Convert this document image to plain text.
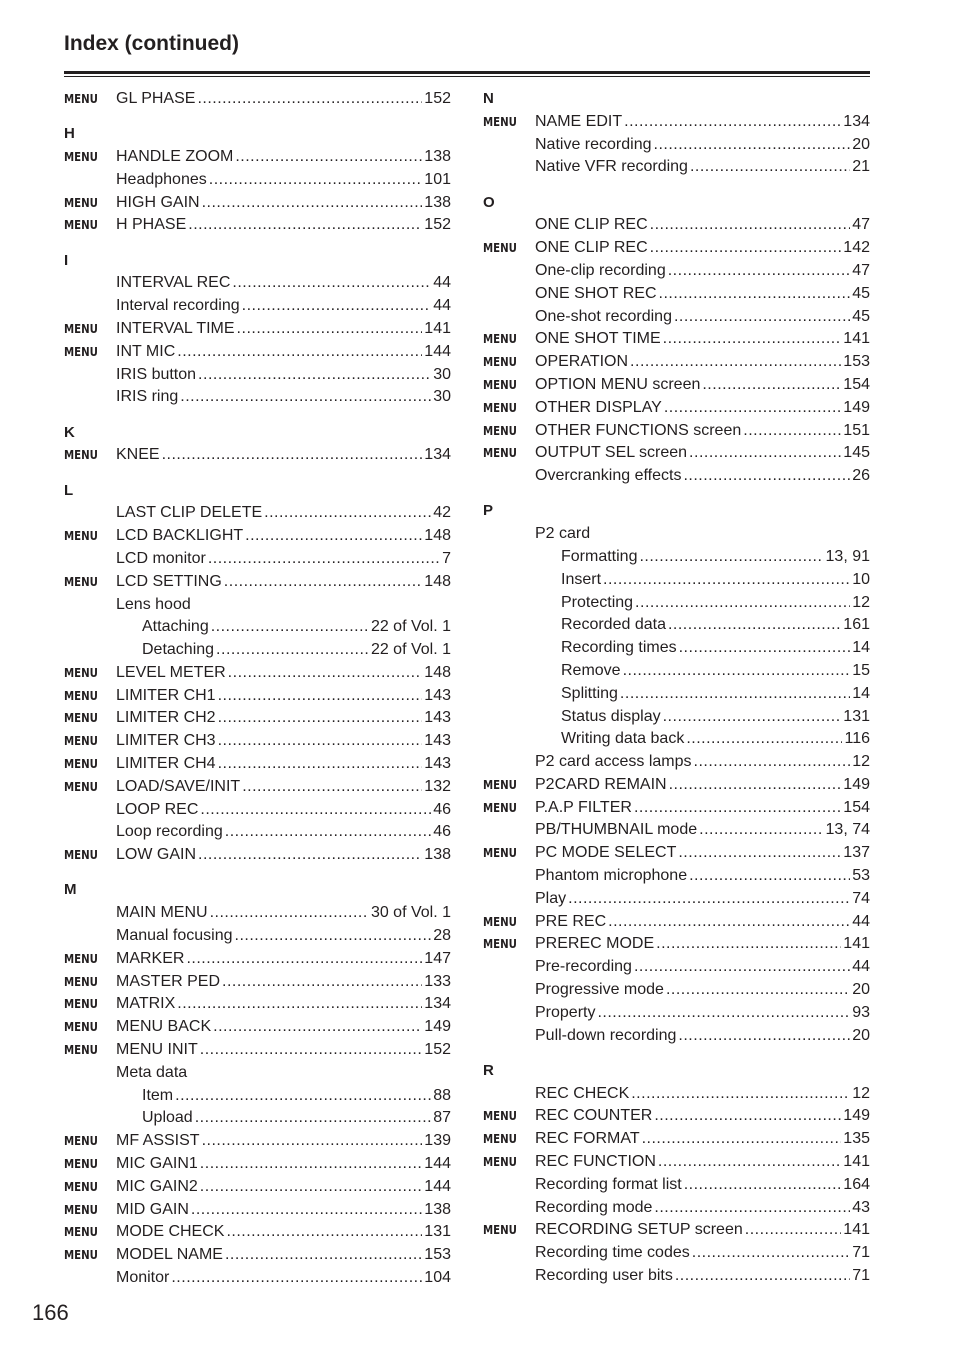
Index (continued)
MENU	GL PHASE .....	152
H
MENU	HANDLE ZOOM .....	138
Headphones .....	101
MENU	HIGH GAIN .....	138
MENU	H PHASE .....	152
I
INTERVAL REC .....	44
Interval recording .....	44
MENU	INTERVAL TIME .....	141
MENU	INT MIC .....	144
IRIS button .....	30
IRIS ring .....	30
K
MENU	KNEE .....	134
L
LAST CLIP DELETE .....	42
MENU	LCD BACKLIGHT .....	148
LCD monitor .....	7
MENU	LCD SETTING .....	148
Lens hood
Attaching .....	22 of Vol. 1
Detaching .....	22 of Vol. 1
MENU	LEVEL METER .....	148
MENU	LIMITER CH1 .....	143
MENU	LIMITER CH2 .....	143
MENU	LIMITER CH3 .....	143
MENU	LIMITER CH4 .....	143
MENU	LOAD/SAVE/INIT .....	132
LOOP REC .....	46
Loop recording .....	46
MENU	LOW GAIN .....	138
M
MAIN MENU .....	30 of Vol. 1
Manual focusing .....	28
MENU	MARKER .....	147
MENU	MASTER PED .....	133
MENU	MATRIX .....	134
MENU	MENU BACK .....	149
MENU	MENU INIT .....	152
Meta data
Item .....	88
Upload .....	87
MENU	MF ASSIST .....	139
MENU	MIC GAIN1 .....	144
MENU	MIC GAIN2 .....	144
MENU	MID GAIN .....	138
MENU	MODE CHECK .....	131
MENU	MODEL NAME .....	153
Monitor .....	104
N
MENU	NAME EDIT .....	134
Native recording .....	20
Native VFR recording .....	21
O
ONE CLIP REC .....	47
MENU	ONE CLIP REC .....	142
One-clip recording .....	47
ONE SHOT REC .....	45
One-shot recording .....	45
MENU	ONE SHOT TIME .....	141
MENU	OPERATION .....	153
MENU	OPTION MENU screen .....	154
MENU	OTHER DISPLAY .....	149
MENU	OTHER FUNCTIONS screen .....	151
MENU	OUTPUT SEL screen .....	145
Overcranking effects .....	26
P
P2 card
Formatting .....	13, 91
Insert .....	10
Protecting .....	12
Recorded data .....	161
Recording times .....	14
Remove .....	15
Splitting .....	14
Status display .....	131
Writing data back .....	116
P2 card access lamps .....	12
MENU	P2CARD REMAIN .....	149
MENU	P.A.P FILTER .....	154
PB/THUMBNAIL mode .....	13, 74
MENU	PC MODE SELECT .....	137
Phantom microphone .....	53
Play .....	74
MENU	PRE REC .....	44
MENU	PREREC MODE .....	141
Pre-recording .....	44
Progressive mode .....	20
Property .....	93
Pull-down recording .....	20
R
REC CHECK .....	12
MENU	REC COUNTER .....	149
MENU	REC FORMAT .....	135
MENU	REC FUNCTION .....	141
Recording format list .....	164
Recording mode .....	43
MENU	RECORDING SETUP screen .....	141
Recording time codes .....	71
Recording user bits .....	71
166
